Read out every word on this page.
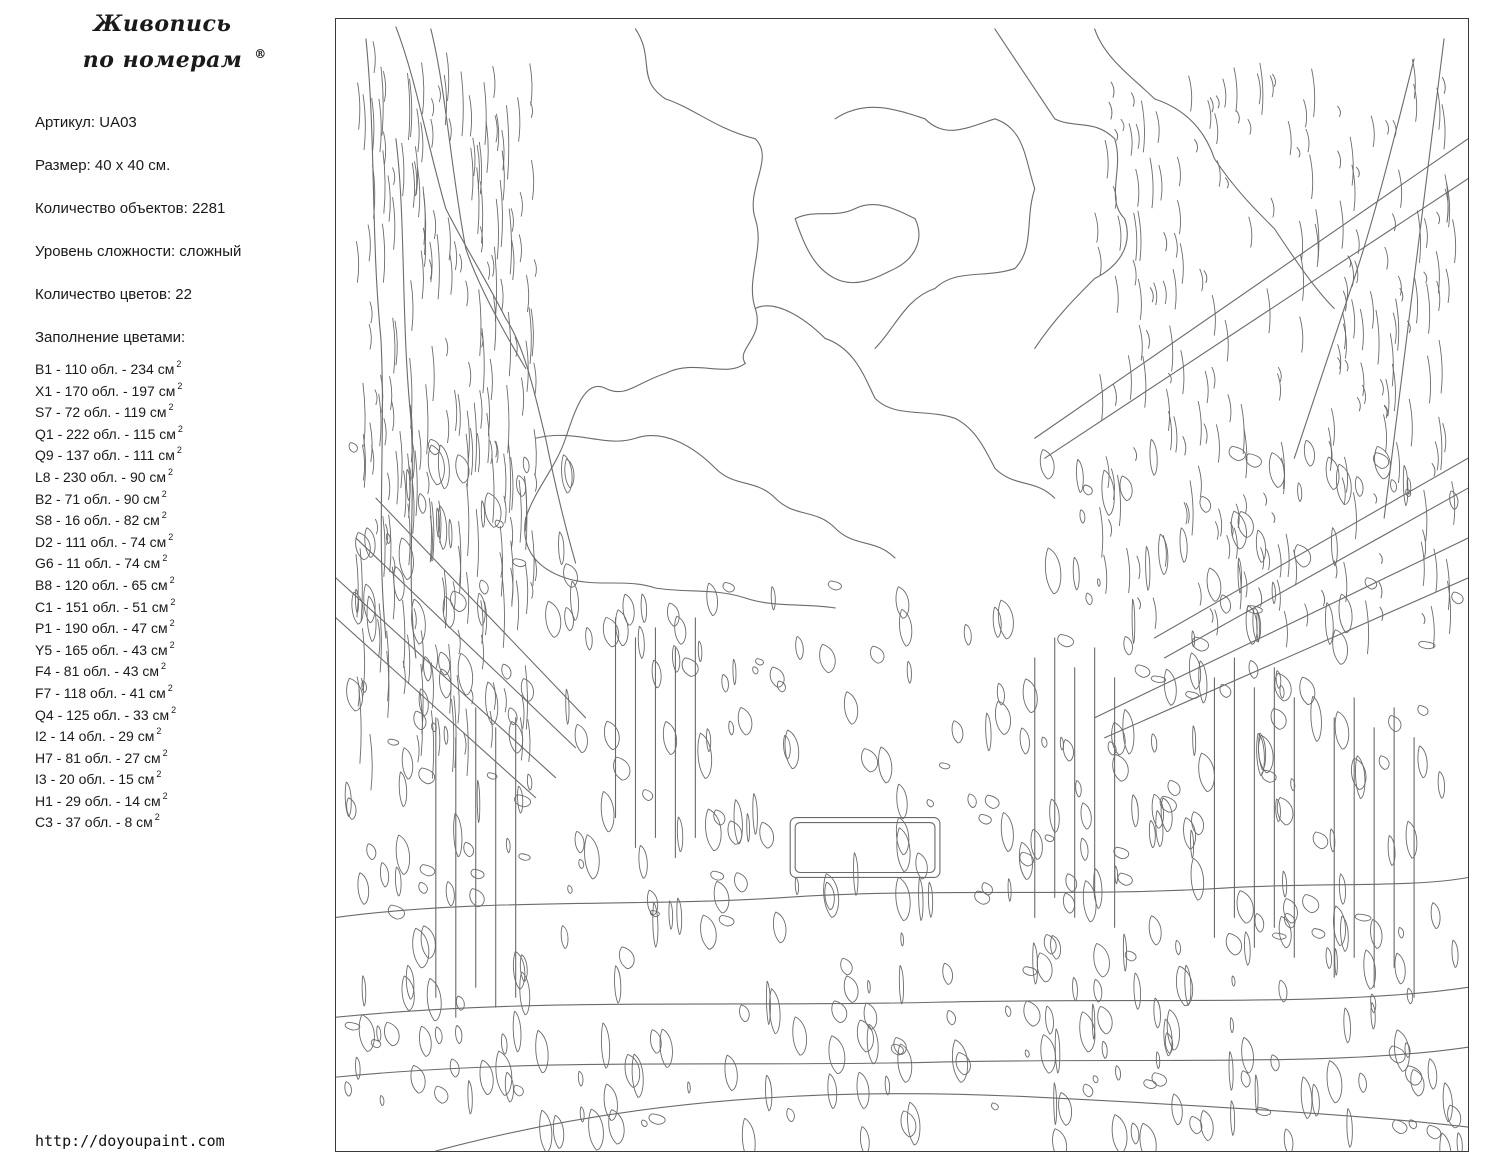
Живопись
по номерам ®
Артикул: UA03
Размер: 40 х 40 см.
Количество объектов: 2281
Уровень сложности: сложный
Количество цветов: 22
Заполнение цветами:
B1 - 110 обл. - 234 см $^2$
X1 - 170 обл. - 197 см $^2$
S7 - 72 обл. - 119 см $^2$
Q1 - 222 обл. - 115 см $^2$
Q9 - 137 обл. - 111 см $^2$
L8 - 230 обл. - 90 см $^2$
B2 - 71 обл. - 90 см $^2$
S8 - 16 обл. - 82 см $^2$
D2 - 111 обл. - 74 см $^2$
G6 - 11 обл. - 74 см $^2$
B8 - 120 обл. - 65 см $^2$
C1 - 151 обл. - 51 см $^2$
P1 - 190 обл. - 47 см $^2$
Y5 - 165 обл. - 43 см $^2$
F4 - 81 обл. - 43 см $^2$
F7 - 118 обл. - 41 см $^2$
Q4 - 125 обл. - 33 см $^2$
I2 - 14 обл. - 29 см $^2$
H7 - 81 обл. - 27 см $^2$
I3 - 20 обл. - 15 см $^2$
H1 - 29 обл. - 14 см $^2$
C3 - 37 обл. - 8 см $^2$
http://doyoupaint.com
